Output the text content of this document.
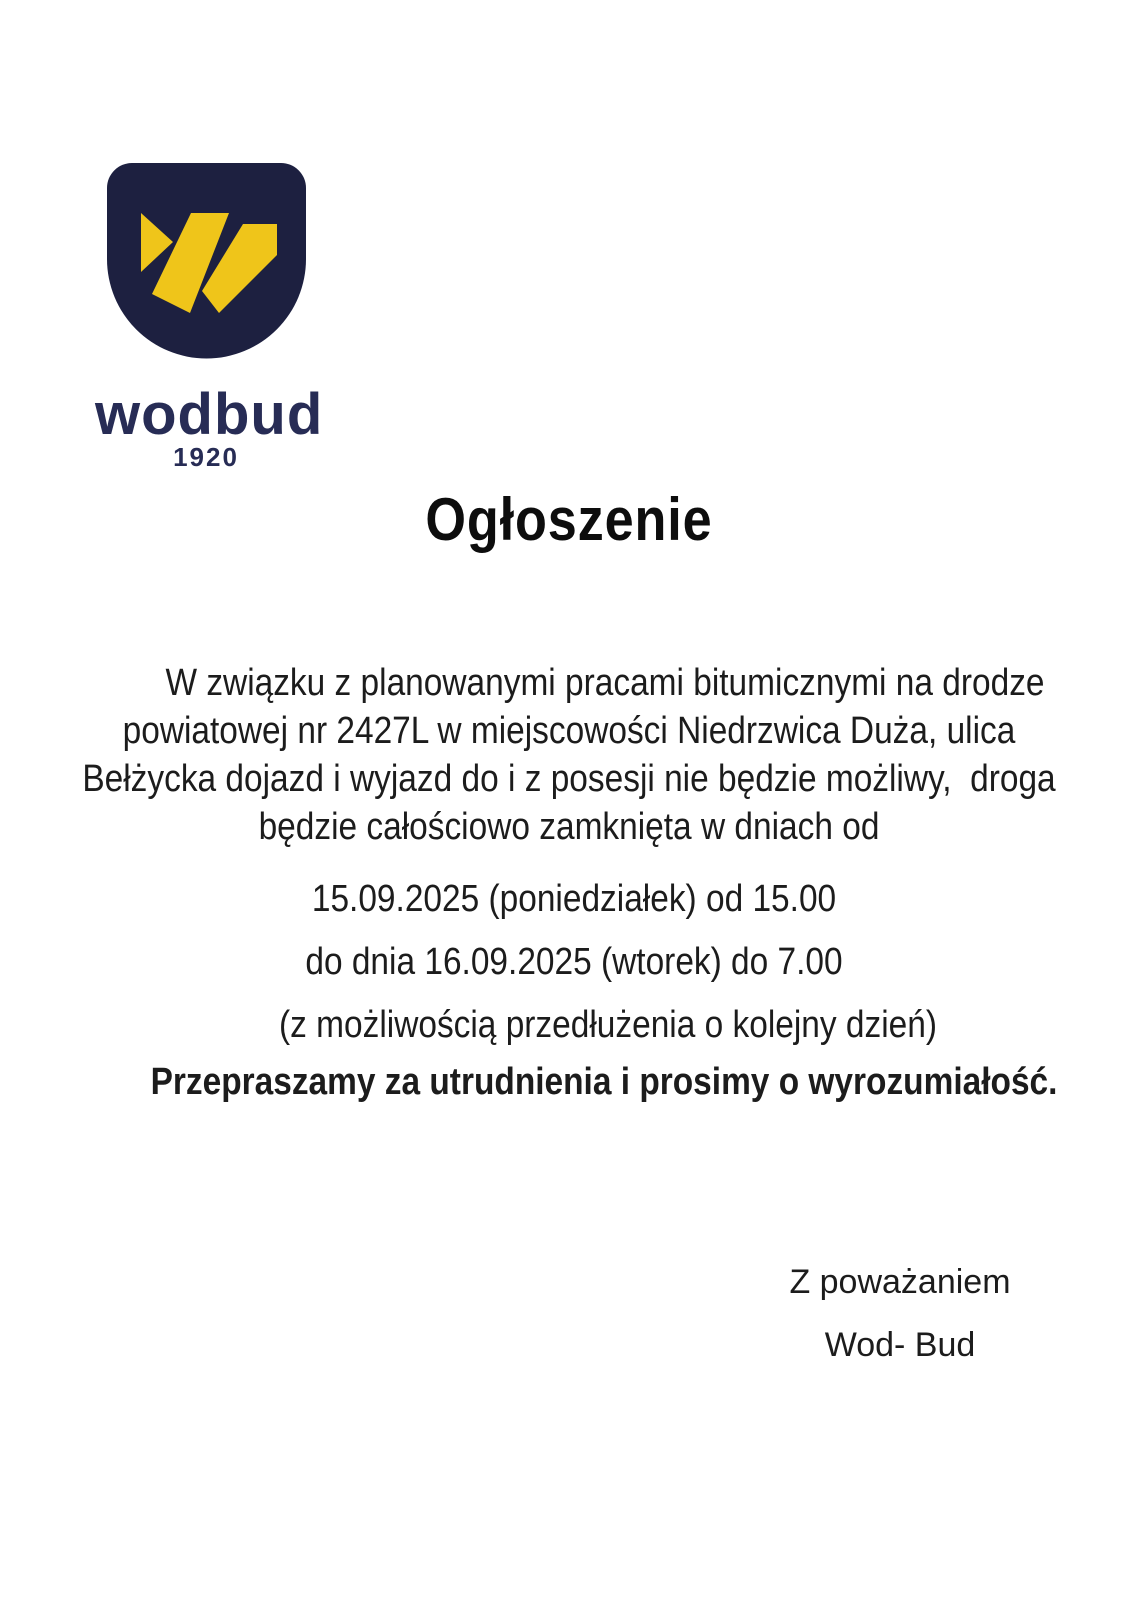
wodbud
1920
Ogłoszenie
W związku z planowanymi pracami bitumicznymi na drodze
powiatowej nr 2427L w miejscowości Niedrzwica Duża, ulica
Bełżycka dojazd i wyjazd do i z posesji nie będzie możliwy,  droga
będzie całościowo zamknięta w dniach od
15.09.2025 (poniedziałek) od 15.00
do dnia 16.09.2025 (wtorek) do 7.00
(z możliwością przedłużenia o kolejny dzień)
Przepraszamy za utrudnienia i prosimy o wyrozumiałość.
Z poważaniem
Wod- Bud
